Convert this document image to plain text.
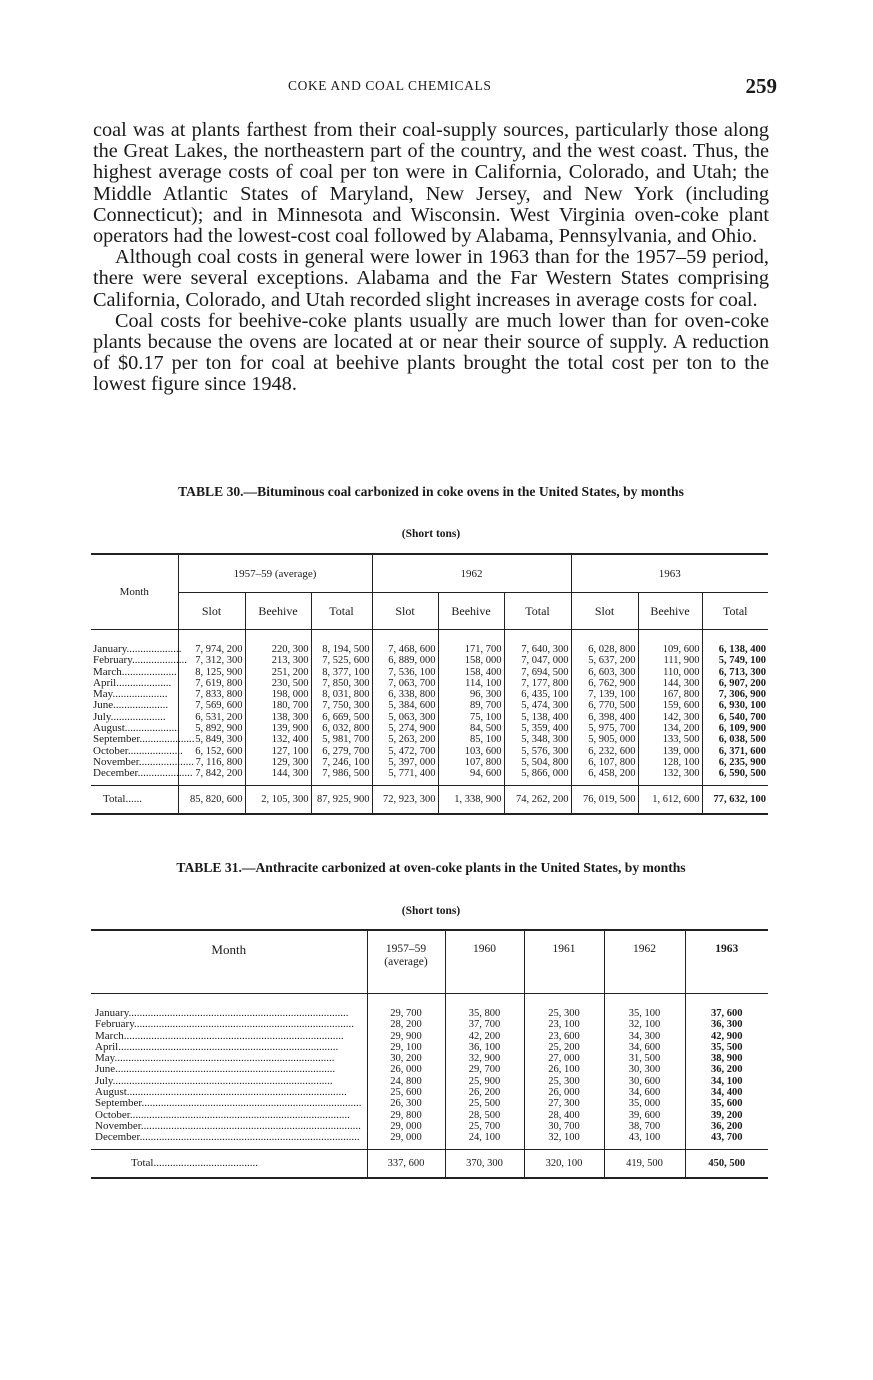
COKE AND COAL CHEMICALS	259

coal was at plants farthest from their coal-supply sources, particularly those along the Great Lakes, the northeastern part of the country, and the west coast. Thus, the highest average costs of coal per ton were in California, Colorado, and Utah; the Middle Atlantic States of Maryland, New Jersey, and New York (including Connecticut); and in Minnesota and Wisconsin. West Virginia oven-coke plant operators had the lowest-cost coal followed by Alabama, Pennsylvania, and Ohio.

Although coal costs in general were lower in 1963 than for the 1957–59 period, there were several exceptions. Alabama and the Far Western States comprising California, Colorado, and Utah recorded slight increases in average costs for coal.

Coal costs for beehive-coke plants usually are much lower than for oven-coke plants because the ovens are located at or near their source of supply. A reduction of $0.17 per ton for coal at beehive plants brought the total cost per ton to the lowest figure since 1948.

TABLE 30.—Bituminous coal carbonized in coke ovens in the United States, by months
(Short tons)
Month	1957–59 (average)			1962			1963		
	Slot	Beehive	Total	Slot	Beehive	Total	Slot	Beehive	Total
January....................	7, 974, 200	220, 300	8, 194, 500	7, 468, 600	171, 700	7, 640, 300	6, 028, 800	109, 600	6, 138, 400
February....................	7, 312, 300	213, 300	7, 525, 600	6, 889, 000	158, 000	7, 047, 000	5, 637, 200	111, 900	5, 749, 100
March....................	8, 125, 900	251, 200	8, 377, 100	7, 536, 100	158, 400	7, 694, 500	6, 603, 300	110, 000	6, 713, 300
April....................	7, 619, 800	230, 500	7, 850, 300	7, 063, 700	114, 100	7, 177, 800	6, 762, 900	144, 300	6, 907, 200
May....................	7, 833, 800	198, 000	8, 031, 800	6, 338, 800	96, 300	6, 435, 100	7, 139, 100	167, 800	7, 306, 900
June....................	7, 569, 600	180, 700	7, 750, 300	5, 384, 600	89, 700	5, 474, 300	6, 770, 500	159, 600	6, 930, 100
July....................	6, 531, 200	138, 300	6, 669, 500	5, 063, 300	75, 100	5, 138, 400	6, 398, 400	142, 300	6, 540, 700
August....................	5, 892, 900	139, 900	6, 032, 800	5, 274, 900	84, 500	5, 359, 400	5, 975, 700	134, 200	6, 109, 900
September....................	5, 849, 300	132, 400	5, 981, 700	5, 263, 200	85, 100	5, 348, 300	5, 905, 000	133, 500	6, 038, 500
October....................	6, 152, 600	127, 100	6, 279, 700	5, 472, 700	103, 600	5, 576, 300	6, 232, 600	139, 000	6, 371, 600
November....................	7, 116, 800	129, 300	7, 246, 100	5, 397, 000	107, 800	5, 504, 800	6, 107, 800	128, 100	6, 235, 900
December....................	7, 842, 200	144, 300	7, 986, 500	5, 771, 400	94, 600	5, 866, 000	6, 458, 200	132, 300	6, 590, 500
Total......	85, 820, 600	2, 105, 300	87, 925, 900	72, 923, 300	1, 338, 900	74, 262, 200	76, 019, 500	1, 612, 600	77, 632, 100
TABLE 31.—Anthracite carbonized at oven-coke plants in the United States, by months
(Short tons)
Month	1957–59 (average)	1960	1961	1962	1963
January................................................................................	29, 700	35, 800	25, 300	35, 100	37, 600
February................................................................................	28, 200	37, 700	23, 100	32, 100	36, 300
March................................................................................	29, 900	42, 200	23, 600	34, 300	42, 900
April................................................................................	29, 100	36, 100	25, 200	34, 600	35, 500
May................................................................................	30, 200	32, 900	27, 000	31, 500	38, 900
June................................................................................	26, 000	29, 700	26, 100	30, 300	36, 200
July................................................................................	24, 800	25, 900	25, 300	30, 600	34, 100
August................................................................................	25, 600	26, 200	26, 000	34, 600	34, 400
September................................................................................	26, 300	25, 500	27, 300	35, 000	35, 600
October................................................................................	29, 800	28, 500	28, 400	39, 600	39, 200
November................................................................................	29, 000	25, 700	30, 700	38, 700	36, 200
December................................................................................	29, 000	24, 100	32, 100	43, 100	43, 700
Total......................................	337, 600	370, 300	320, 100	419, 500	450, 500
